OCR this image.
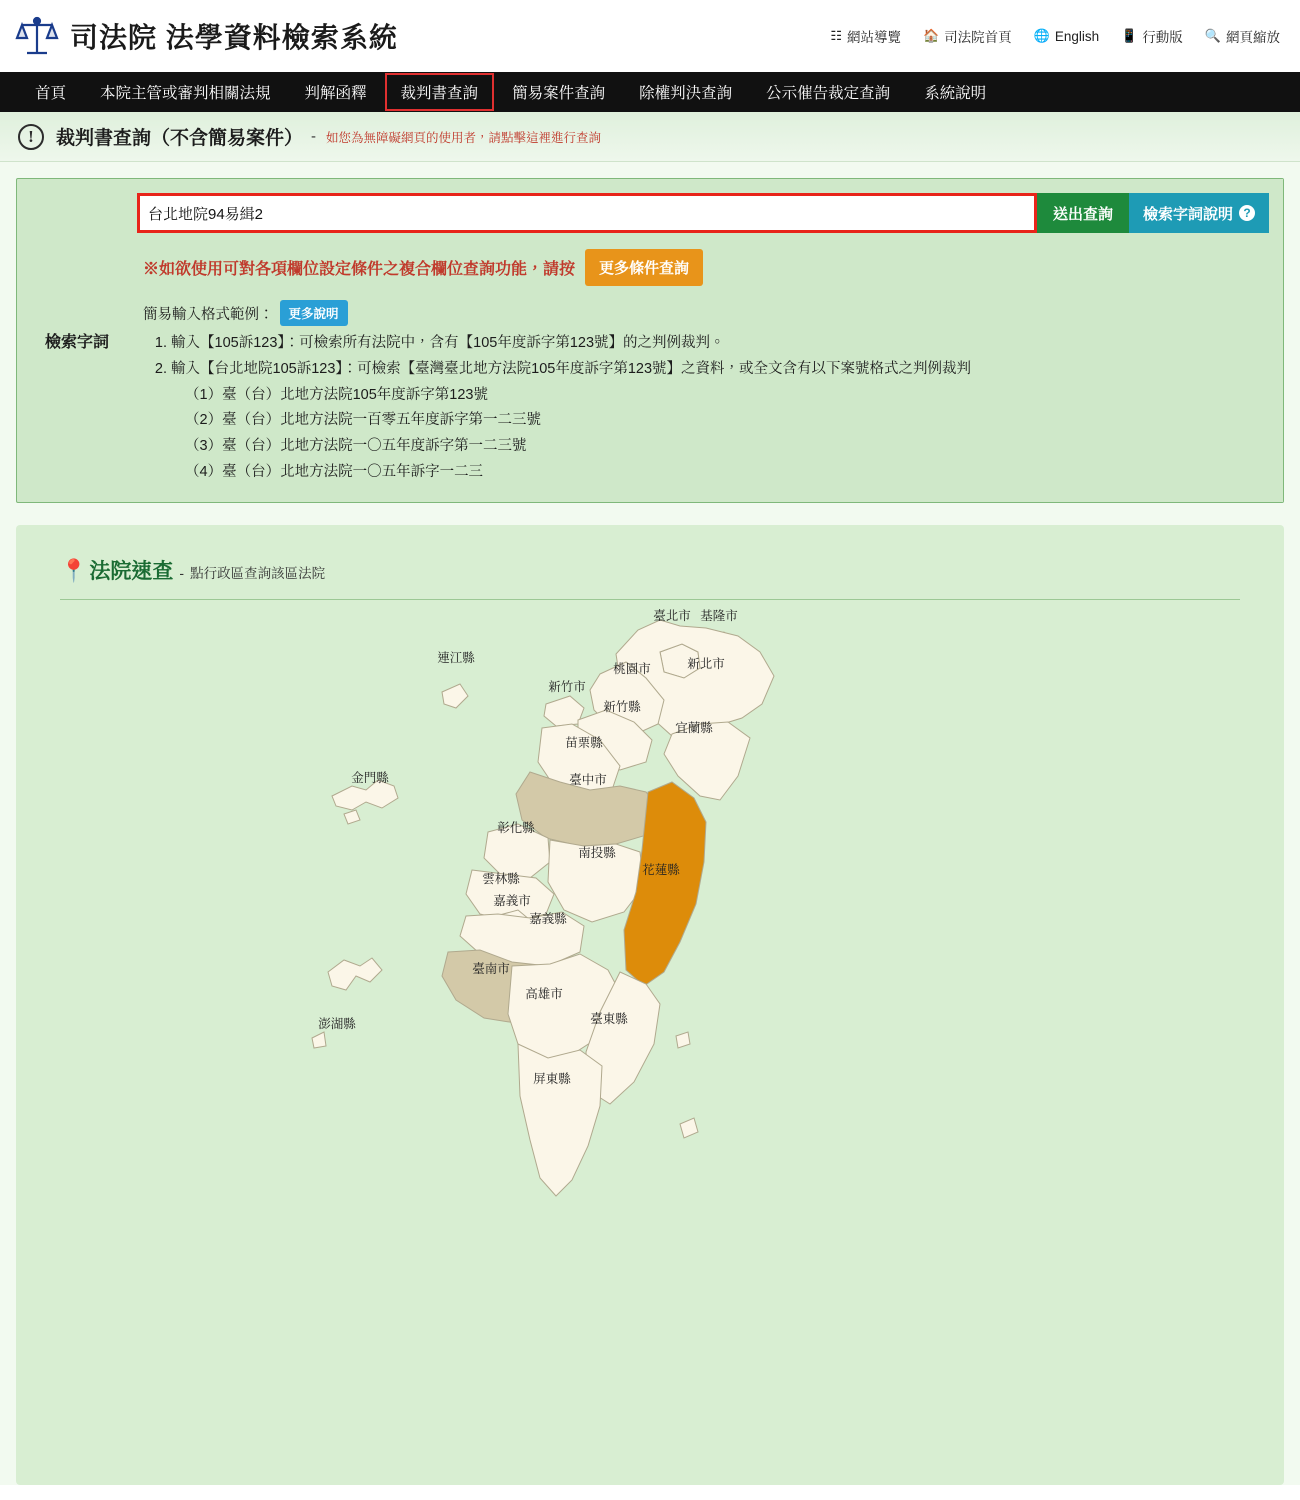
司法院 法學資料檢索系統	☷ 網站導覽 🏠 司法院首頁 🌐 English 📱 行動版 🔍 網頁縮放
首頁 本院主管或審判相關法規 判解函釋 裁判書查詢 簡易案件查詢 除權判決查詢 公示催告裁定查詢 系統說明
!	裁判書查詢（不含簡易案件） - 如您為無障礙網頁的使用者，請點擊這裡進行查詢
檢索字詞
台北地院94易緝2
送出查詢	檢索字詞說明 ?
※如欲使用可對各項欄位設定條件之複合欄位查詢功能，請按	更多條件查詢
簡易輸入格式範例：	更多說明
1. 輸入【105訴123】：可檢索所有法院中，含有【105年度訴字第123號】的之判例裁判。
2. 輸入【台北地院105訴123】：可檢索【臺灣臺北地方法院105年度訴字第123號】之資料，或全文含有以下案號格式之判例裁判
（1）臺（台）北地方法院105年度訴字第123號
（2）臺（台）北地方法院一百零五年度訴字第一二三號
（3）臺（台）北地方法院一〇五年度訴字第一二三號
（4）臺（台）北地方法院一〇五年訴字一二三
📍 法院速查 - 點行政區查詢該區法院
連江縣
臺北市 基隆市
新北市
桃園市
新竹市
新竹縣
宜蘭縣
苗栗縣
臺中市
金門縣
彰化縣
南投縣
雲林縣
花蓮縣
嘉義市
嘉義縣
臺南市
高雄市
臺東縣
澎湖縣
屏東縣
